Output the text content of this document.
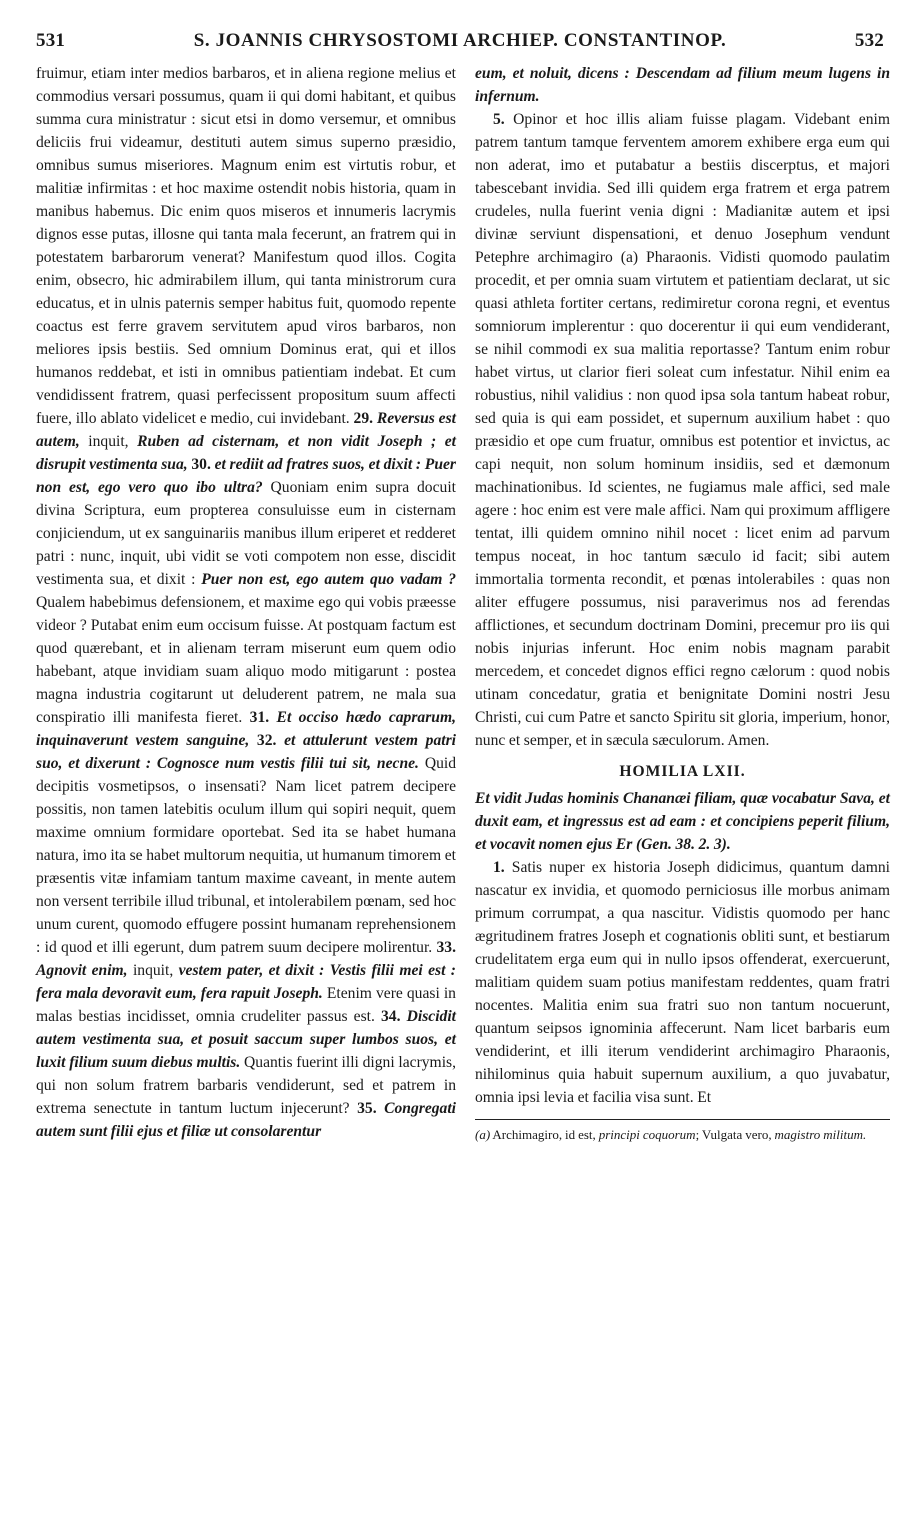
531	S. JOANNIS CHRYSOSTOMI ARCHIEP. CONSTANTINOP.	532

fruimur, etiam inter medios barbaros, et in aliena regione melius et commodius versari possumus, quam ii qui domi habitant, et quibus summa cura ministratur : sicut etsi in domo versemur, et omnibus deliciis frui videamur, destituti autem simus superno præsidio, omnibus sumus miseriores. Magnum enim est virtutis robur, et malitiæ infirmitas : et hoc maxime ostendit nobis historia, quam in manibus habemus. Dic enim quos miseros et innumeris lacrymis dignos esse putas, illosne qui tanta mala fecerunt, an fratrem qui in potestatem barbarorum venerat? Manifestum quod illos. Cogita enim, obsecro, hic admirabilem illum, qui tanta ministrorum cura educatus, et in ulnis paternis semper habitus fuit, quomodo repente coactus est ferre gravem servitutem apud viros barbaros, non meliores ipsis bestiis. Sed omnium Dominus erat, qui et illos humanos reddebat, et isti in omnibus patientiam indebat. Et cum vendidissent fratrem, quasi perfecissent propositum suum affecti fuere, illo ablato videlicet e medio, cui invidebant. 29. Reversus est autem, inquit, Ruben ad cisternam, et non vidit Joseph ; et disrupit vestimenta sua, 30. et rediit ad fratres suos, et dixit : Puer non est, ego vero quo ibo ultra? Quoniam enim supra docuit divina Scriptura, eum propterea consuluisse eum in cisternam conjiciendum, ut ex sanguinariis manibus illum eriperet et redderet patri : nunc, inquit, ubi vidit se voti compotem non esse, discidit vestimenta sua, et dixit : Puer non est, ego autem quo vadam ? Qualem habebimus defensionem, et maxime ego qui vobis præesse videor ? Putabat enim eum occisum fuisse. At postquam factum est quod quærebant, et in alienam terram miserunt eum quem odio habebant, atque invidiam suam aliquo modo mitigarunt : postea magna industria cogitarunt ut deluderent patrem, ne mala sua conspiratio illi manifesta fieret. 31. Et occiso hædo caprarum, inquinaverunt vestem sanguine, 32. et attulerunt vestem patri suo, et dixerunt : Cognosce num vestis filii tui sit, necne. Quid decipitis vosmetipsos, o insensati? Nam licet patrem decipere possitis, non tamen latebitis oculum illum qui sopiri nequit, quem maxime omnium formidare oportebat. Sed ita se habet humana natura, imo ita se habet multorum nequitia, ut humanum timorem et præsentis vitæ infamiam tantum maxime caveant, in mente autem non versent terribile illud tribunal, et intolerabilem pœnam, sed hoc unum curent, quomodo effugere possint humanam reprehensionem : id quod et illi egerunt, dum patrem suum decipere molirentur. 33. Agnovit enim, inquit, vestem pater, et dixit : Vestis filii mei est : fera mala devoravit eum, fera rapuit Joseph. Etenim vere quasi in malas bestias incidisset, omnia crudeliter passus est. 34. Discidit autem vestimenta sua, et posuit saccum super lumbos suos, et luxit filium suum diebus multis. Quantis fuerint illi digni lacrymis, qui non solum fratrem barbaris vendiderunt, sed et patrem in extrema senectute in tantum luctum injecerunt? 35. Congregati autem sunt filii ejus et filiæ ut consolarentur

eum, et noluit, dicens : Descendam ad filium meum lugens in infernum.

5. Opinor et hoc illis aliam fuisse plagam. Videbant enim patrem tantum tamque ferventem amorem exhibere erga eum qui non aderat, imo et putabatur a bestiis discerptus, et majori tabescebant invidia. Sed illi quidem erga fratrem et erga patrem crudeles, nulla fuerint venia digni : Madianitæ autem et ipsi divinæ serviunt dispensationi, et denuo Josephum vendunt Petephre archimagiro (a) Pharaonis. Vidisti quomodo paulatim procedit, et per omnia suam virtutem et patientiam declarat, ut sic quasi athleta fortiter certans, redimiretur corona regni, et eventus somniorum implerentur : quo docerentur ii qui eum vendiderant, se nihil commodi ex sua malitia reportasse? Tantum enim robur habet virtus, ut clarior fieri soleat cum infestatur. Nihil enim ea robustius, nihil validius : non quod ipsa sola tantum habeat robur, sed quia is qui eam possidet, et supernum auxilium habet : quo præsidio et ope cum fruatur, omnibus est potentior et invictus, ac capi nequit, non solum hominum insidiis, sed et dæmonum machinationibus. Id scientes, ne fugiamus male affici, sed male agere : hoc enim est vere male affici. Nam qui proximum affligere tentat, illi quidem omnino nihil nocet : licet enim ad parvum tempus noceat, in hoc tantum sæculo id facit; sibi autem immortalia tormenta recondit, et pœnas intolerabiles : quas non aliter effugere possumus, nisi paraverimus nos ad ferendas afflictiones, et secundum doctrinam Domini, precemur pro iis qui nobis injurias inferunt. Hoc enim nobis magnam parabit mercedem, et concedet dignos effici regno cælorum : quod nobis utinam concedatur, gratia et benignitate Domini nostri Jesu Christi, cui cum Patre et sancto Spiritu sit gloria, imperium, honor, nunc et semper, et in sæcula sæculorum. Amen.

HOMILIA LXII.

Et vidit Judas hominis Chananæi filiam, quæ vocabatur Sava, et duxit eam, et ingressus est ad eam : et concipiens peperit filium, et vocavit nomen ejus Er (Gen. 38. 2. 3).

1. Satis nuper ex historia Joseph didicimus, quantum damni nascatur ex invidia, et quomodo perniciosus ille morbus animam primum corrumpat, a qua nascitur. Vidistis quomodo per hanc ægritudinem fratres Joseph et cognationis obliti sunt, et bestiarum crudelitatem erga eum qui in nullo ipsos offenderat, exercuerunt, malitiam quidem suam potius manifestam reddentes, quam fratri nocentes. Malitia enim sua fratri suo non tantum nocuerunt, quantum seipsos ignominia affecerunt. Nam licet barbaris eum vendiderint, et illi iterum vendiderint archimagiro Pharaonis, nihilominus quia habuit supernum auxilium, a quo juvabatur, omnia ipsi levia et facilia visa sunt. Et

(a) Archimagiro, id est, principi coquorum; Vulgata vero, magistro militum.
